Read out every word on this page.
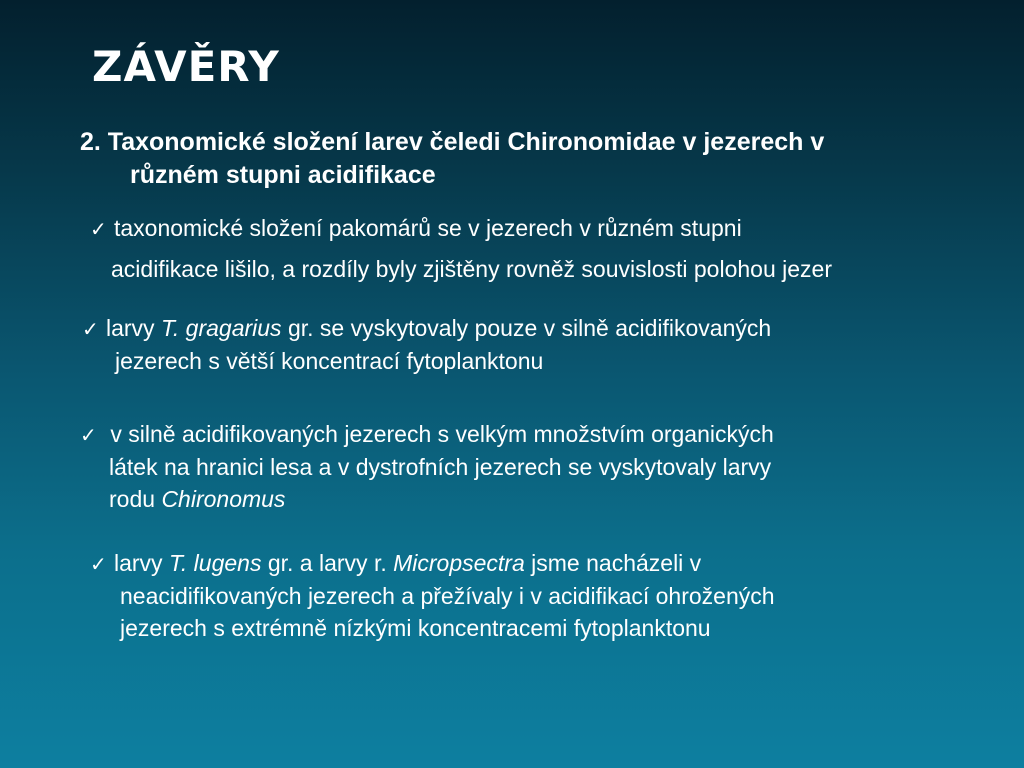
ZÁVĚRY
2. Taxonomické složení larev čeledi Chironomidae v jezerech v
různém stupni acidifikace
✓ taxonomické složení pakomárů se v jezerech v různém stupni
acidifikace lišilo, a rozdíly byly zjištěny rovněž souvislosti polohou jezer
✓ larvy T. gragarius gr. se vyskytovaly pouze v silně acidifikovaných
jezerech s větší koncentrací fytoplanktonu
✓ v silně acidifikovaných jezerech s velkým množstvím organických
látek na hranici lesa a v dystrofních jezerech se vyskytovaly larvy
rodu Chironomus
✓ larvy T. lugens gr. a larvy r. Micropsectra jsme nacházeli v
neacidifikovaných jezerech a přežívaly i v acidifikací ohrožených
jezerech s extrémně nízkými koncentracemi fytoplanktonu
